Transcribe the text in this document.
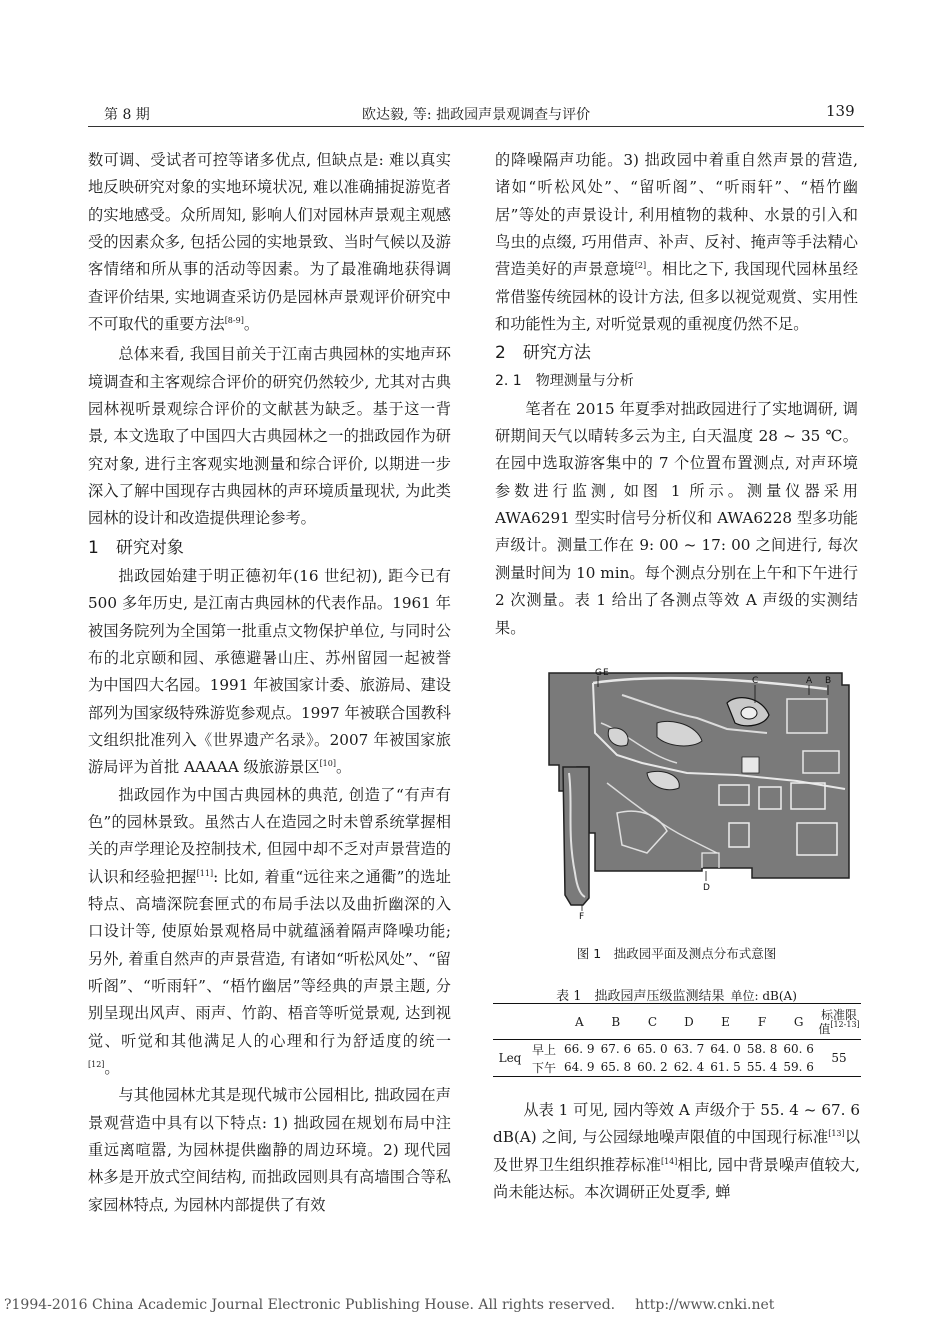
第 8 期	欧达毅, 等: 拙政园声景观调查与评价	139

数可调、受试者可控等诸多优点, 但缺点是: 难以真实地反映研究对象的实地环境状况, 难以准确捕捉游览者的实地感受。众所周知, 影响人们对园林声景观主观感受的因素众多, 包括公园的实地景致、当时气候以及游客情绪和所从事的活动等因素。为了最准确地获得调查评价结果, 实地调查采访仍是园林声景观评价研究中不可取代的重要方法[8-9]。

总体来看, 我国目前关于江南古典园林的实地声环境调查和主客观综合评价的研究仍然较少, 尤其对古典园林视听景观综合评价的文献甚为缺乏。基于这一背景, 本文选取了中国四大古典园林之一的拙政园作为研究对象, 进行主客观实地测量和综合评价, 以期进一步深入了解中国现存古典园林的声环境质量现状, 为此类园林的设计和改造提供理论参考。

1　研究对象

拙政园始建于明正德初年(16 世纪初), 距今已有 500 多年历史, 是江南古典园林的代表作品。1961 年被国务院列为全国第一批重点文物保护单位, 与同时公布的北京颐和园、承德避暑山庄、苏州留园一起被誉为中国四大名园。1991 年被国家计委、旅游局、建设部列为国家级特殊游览参观点。1997 年被联合国教科文组织批准列入《世界遗产名录》。2007 年被国家旅游局评为首批 AAAAA 级旅游景区[10]。

拙政园作为中国古典园林的典范, 创造了“有声有色”的园林景致。虽然古人在造园之时未曾系统掌握相关的声学理论及控制技术, 但园中却不乏对声景营造的认识和经验把握[11]: 比如, 着重“远往来之通衢”的选址特点、高墙深院套匣式的布局手法以及曲折幽深的入口设计等, 使原始景观格局中就蕴涵着隔声降噪功能; 另外, 着重自然声的声景营造, 有诸如“听松风处”、“留听阁”、“听雨轩”、“梧竹幽居”等经典的声景主题, 分别呈现出风声、雨声、竹韵、梧音等听觉景观, 达到视觉、听觉和其他满足人的心理和行为舒适度的统一[12]。

与其他园林尤其是现代城市公园相比, 拙政园在声景观营造中具有以下特点: 1) 拙政园在规划布局中注重远离喧嚣, 为园林提供幽静的周边环境。2) 现代园林多是开放式空间结构, 而拙政园则具有高墙围合等私家园林特点, 为园林内部提供了有效

的降噪隔声功能。3) 拙政园中着重自然声景的营造, 诸如“听松风处”、“留听阁”、“听雨轩”、“梧竹幽居”等处的声景设计, 利用植物的栽种、水景的引入和鸟虫的点缀, 巧用借声、补声、反衬、掩声等手法精心营造美好的声景意境[2]。相比之下, 我国现代园林虽经常借鉴传统园林的设计方法, 但多以视觉观赏、实用性和功能性为主, 对听觉景观的重视度仍然不足。

2　研究方法

2. 1　物理测量与分析

笔者在 2015 年夏季对拙政园进行了实地调研, 调研期间天气以晴转多云为主, 白天温度 28 ~ 35 ℃。在园中选取游客集中的 7 个位置布置测点, 对声环境参数进行监测, 如图 1 所示。测量仪器采用 AWA6291 型实时信号分析仪和 AWA6228 型多功能声级计。测量工作在 9: 00 ~ 17: 00 之间进行, 每次测量时间为 10 min。每个测点分别在上午和下午进行 2 次测量。表 1 给出了各测点等效 A 声级的实测结果。

G E
C	A B
D
F
图 1　拙政园平面及测点分布式意图
表 1　拙政园声压级监测结果 单位: dB(A)
		A	B	C	D	E	F	G	标准限值[12-13]
Leq	早上	66. 9	67. 6	65. 0	63. 7	64. 0	58. 8	60. 6	55
	下午	64. 9	65. 8	60. 2	62. 4	61. 5	55. 4	59. 6	

从表 1 可见, 园内等效 A 声级介于 55. 4 ~ 67. 6 dB(A) 之间, 与公园绿地噪声限值的中国现行标准[13]以及世界卫生组织推荐标准[14]相比, 园中背景噪声值较大, 尚未能达标。本次调研正处夏季, 蝉

?1994-2016 China Academic Journal Electronic Publishing House. All rights reserved. http://www.cnki.net
